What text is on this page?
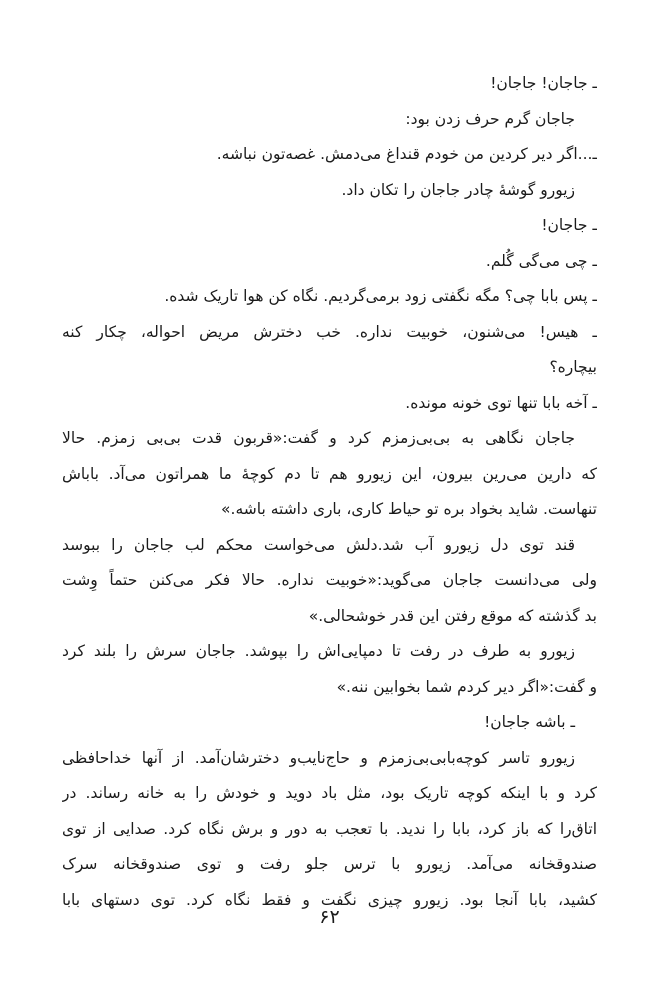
ـ جاجان! جاجان!
جاجان گرم حرف زدن بود:
ـ...اگر دیر کردین من خودم قنداغ می‌دمش. غصه‌تون نباشه.
زیورو گوشهٔ چادر جاجان را تکان داد.
ـ جاجان!
ـ چی می‌گی گُلم.
ـ پس بابا چی؟ مگه نگفتی زود برمی‌گردیم. نگاه کن هوا تاریک شده.
ـ هیس! می‌شنون، خوبیت نداره. خب دخترش مریض احواله، چکار کنه
بیچاره؟
ـ آخه بابا تنها توی خونه مونده.
جاجان نگاهی به بی‌بی‌زمزم کرد و گفت:«قربون قدت بی‌بی زمزم. حالا
که دارین می‌رین بیرون، این زیورو هم تا دم کوچهٔ ما همراتون می‌آد. باباش
تنهاست. شاید بخواد بره تو حیاط کاری، باری داشته باشه.»
قند توی دل زیورو آب شد.دلش می‌خواست محکم لب جاجان را ببوسد
ولی می‌دانست جاجان می‌گوید:«خوبیت نداره. حالا فکر می‌کنن حتماً وِشت
بد گذشته که موقع رفتن این قدر خوشحالی.»
زیورو به طرف در رفت تا دمپایی‌اش را بپوشد. جاجان سرش را بلند کرد
و گفت:«اگر دیر کردم شما بخوابین ننه.»
ـ باشه جاجان!
زیورو تاسر کوچه‌بابی‌بی‌زمزم و حاج‌نایب‌و دخترشان‌آمد. از آنها خداحافظی
کرد و با اینکه کوچه تاریک بود، مثل باد دوید و خودش را به خانه رساند. در
اتاق‌را که باز کرد، بابا را ندید. با تعجب به دور و برش نگاه کرد. صدایی از توی
صندوقخانه می‌آمد. زیورو با ترس جلو رفت و توی صندوقخانه سرک
کشید، بابا آنجا بود. زیورو چیزی نگفت و فقط نگاه کرد. توی دستهای بابا
۶۲
